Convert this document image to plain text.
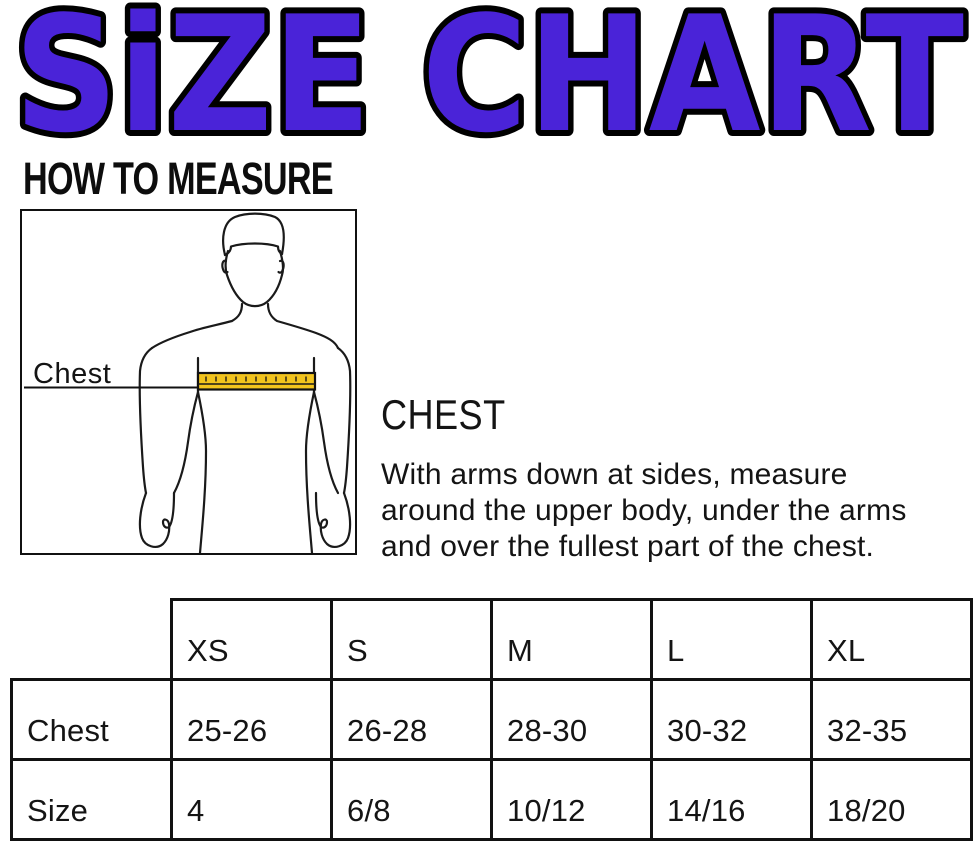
SiZE CHART
HOW TO MEASURE
Chest
CHEST

With arms down at sides, measure
around the upper body, under the arms
and over the fullest part of the chest.

	XS	S	M	L	XL
Chest	25-26	26-28	28-30	30-32	32-35
Size	4	6/8	10/12	14/16	18/20
